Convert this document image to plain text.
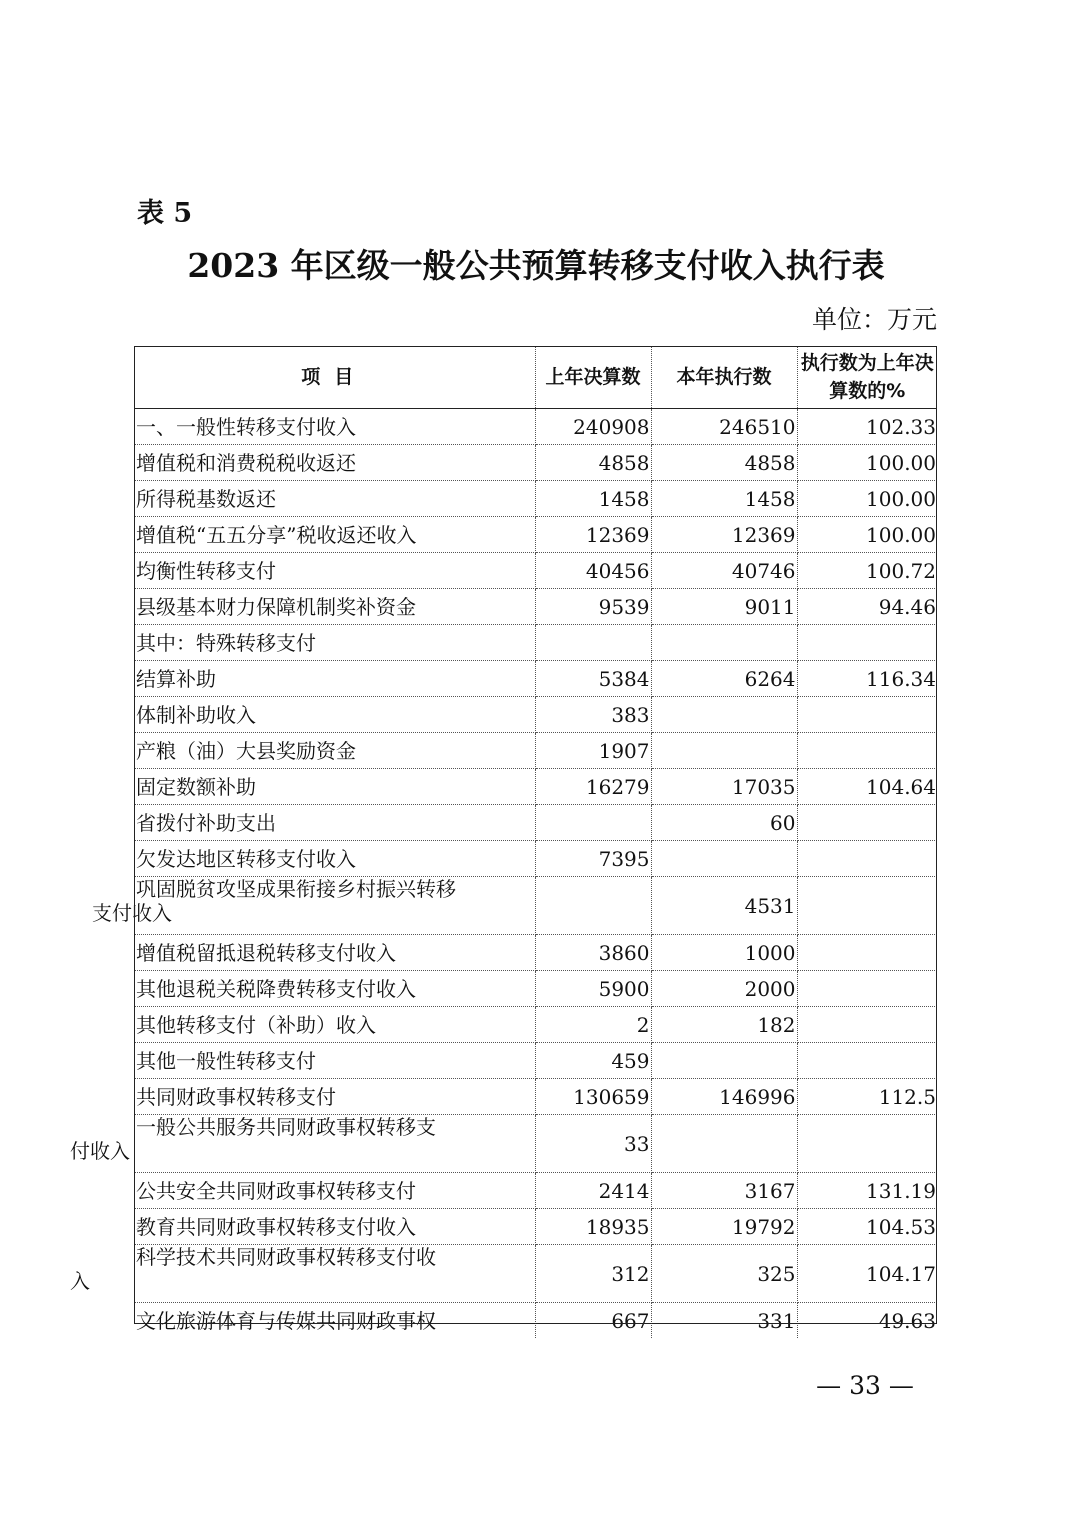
表 5
2023 年区级一般公共预算转移支付收入执行表
单位：万元
项目	上年决算数	本年执行数	执行数为上年决算数的%
一、一般性转移支付收入	240908	246510	102.33
增值税和消费税税收返还	4858	4858	100.00
所得税基数返还	1458	1458	100.00
增值税“五五分享”税收返还收入	12369	12369	100.00
均衡性转移支付	40456	40746	100.72
县级基本财力保障机制奖补资金	9539	9011	94.46
其中：特殊转移支付			
结算补助	5384	6264	116.34
体制补助收入	383		
产粮（油）大县奖励资金	1907		
固定数额补助	16279	17035	104.64
省拨付补助支出		60	
欠发达地区转移支付收入	7395		

巩固脱贫攻坚成果衔接乡村振兴转移
支付收入		4531	
增值税留抵退税转移支付收入	3860	1000	
其他退税关税降费转移支付收入	5900	2000	
其他转移支付（补助）收入	2	182	
其他一般性转移支付	459		
共同财政事权转移支付	130659	146996	112.5

一般公共服务共同财政事权转移支
付收入	33		
公共安全共同财政事权转移支付	2414	3167	131.19
教育共同财政事权转移支付收入	18935	19792	104.53

科学技术共同财政事权转移支付收
入	312	325	104.17
文化旅游体育与传媒共同财政事权	667	331	49.63
— 33 —
